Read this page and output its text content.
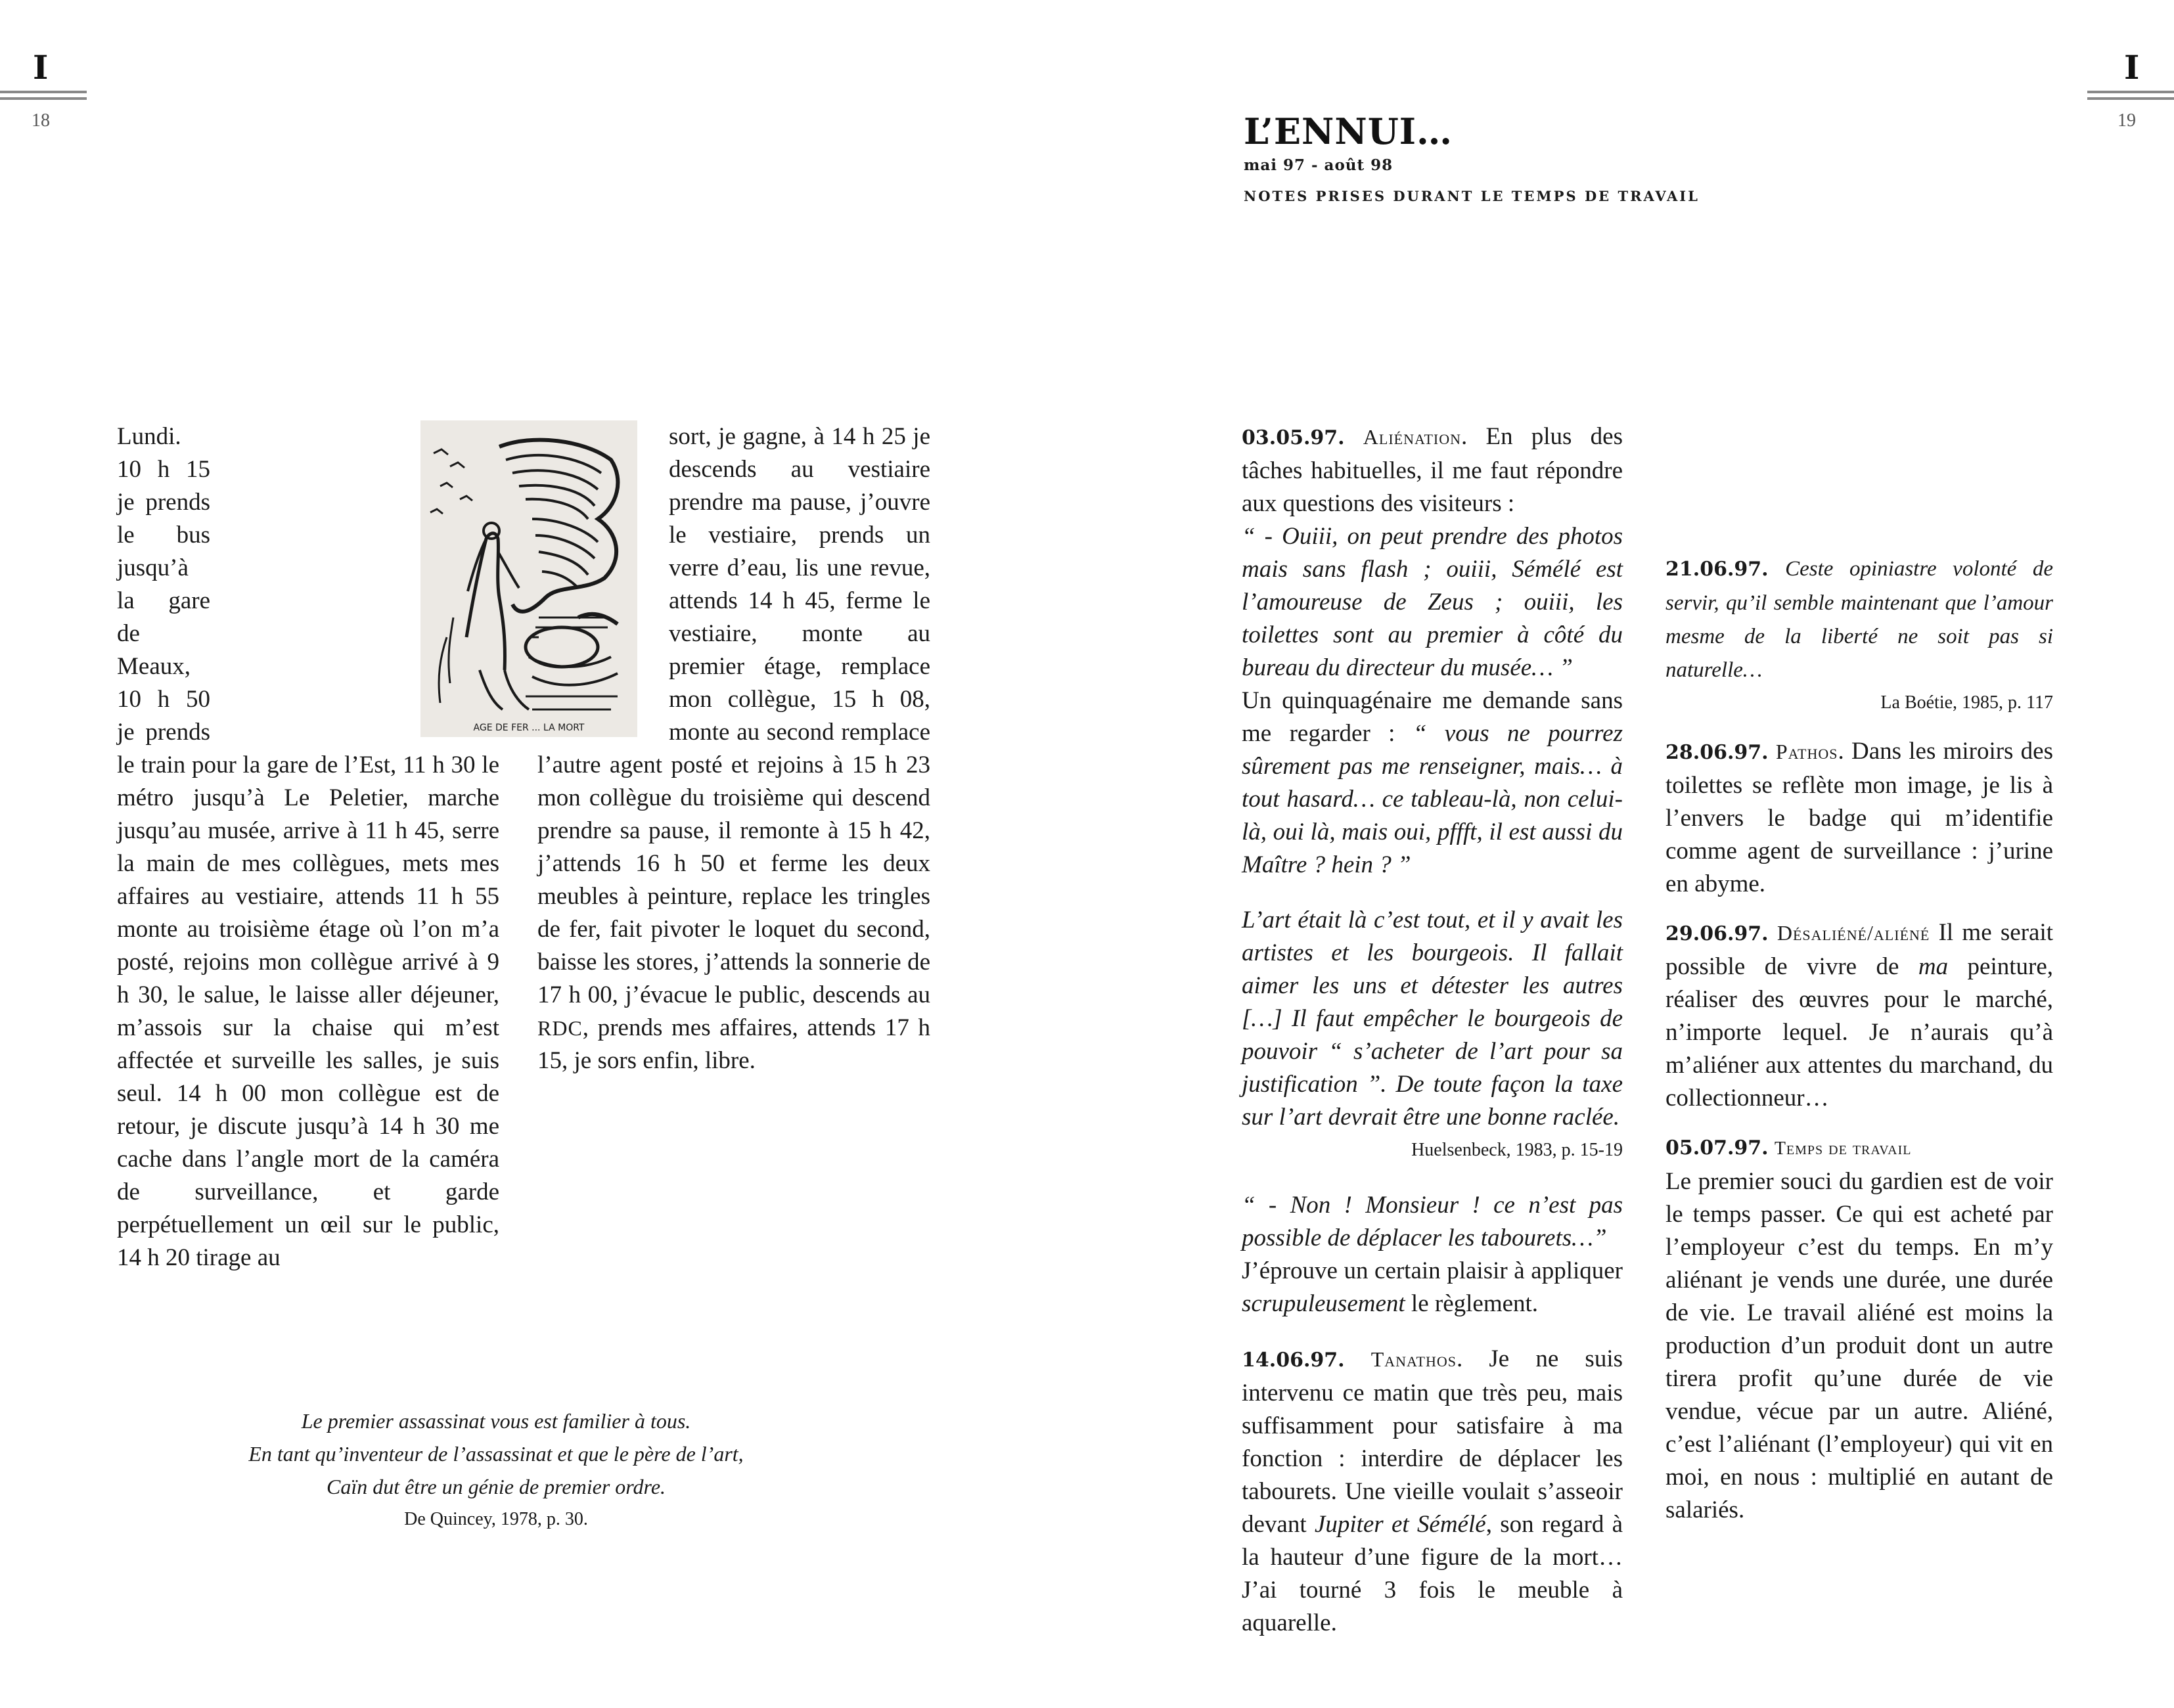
I
18

Lundi. 10 h 15 je prends le bus jusqu’à la gare de Meaux, 10 h 50 je prends le train pour la gare de l’Est, 11 h 30 le métro jusqu’à Le Peletier, marche jusqu’au musée, arrive à 11 h 45, serre la main de mes collègues, mets mes affaires au vestiaire, attends 11 h 55 monte au troisième étage où l’on m’a posté, rejoins mon collègue arrivé à 9 h 30, le salue, le laisse aller déjeuner, m’assois sur la chaise qui m’est affectée et surveille les salles, je suis seul. 14 h 00 mon collègue est de retour, je discute jusqu’à 14 h 30 me cache dans l’angle mort de la caméra de surveillance, et garde perpétuellement un œil sur le public, 14 h 20 tirage au

AGE DE FER ... LA MORT

sort, je gagne, à 14 h 25 je descends au vestiaire prendre ma pause, j’ouvre le vestiaire, prends un verre d’eau, lis une revue, attends 14 h 45, ferme le vestiaire, monte au premier étage, remplace mon collègue, 15 h 08, monte au second remplace l’autre agent posté et rejoins à 15 h 23 mon collègue du troisième qui descend prendre sa pause, il remonte à 15 h 42, j’attends 16 h 50 et ferme les deux meubles à peinture, replace les tringles de fer, fait pivoter le loquet du second, baisse les stores, j’attends la sonnerie de 17 h 00, j’évacue le public, descends au RDC, prends mes affaires, attends 17 h 15, je sors enfin, libre.

Le premier assassinat vous est familier à tous.
En tant qu’inventeur de l’assassinat et que le père de l’art,
Caïn dut être un génie de premier ordre.
De Quincey, 1978, p. 30.
I
19
L’ENNUI…
mai 97 - août 98
NOTES PRISES DURANT LE TEMPS DE TRAVAIL

03.05.97. Aliénation. En plus des tâches habituelles, il me faut répondre aux questions des visiteurs :

“ - Ouiii, on peut prendre des photos mais sans flash ; ouiii, Sémélé est l’amoureuse de Zeus ; ouiii, les toilettes sont au premier à côté du bureau du directeur du musée… ”

Un quinquagénaire me demande sans me regarder : “ vous ne pourrez sûrement pas me renseigner, mais… à tout hasard… ce tableau-là, non celui-là, oui là, mais oui, pffft, il est aussi du Maître ? hein ? ”

L’art était là c’est tout, et il y avait les artistes et les bourgeois. Il fallait aimer les uns et détester les autres […] Il faut empêcher le bourgeois de pouvoir “ s’acheter de l’art pour sa justification ”. De toute façon la taxe sur l’art devrait être une bonne raclée.

Huelsenbeck, 1983, p. 15-19

“ - Non ! Monsieur ! ce n’est pas possible de déplacer les tabourets…”

J’éprouve un certain plaisir à appliquer scrupuleusement le règlement.

14.06.97. Tanathos. Je ne suis intervenu ce matin que très peu, mais suffisamment pour satisfaire à ma fonction : interdire de déplacer les tabourets. Une vieille voulait s’asseoir devant Jupiter et Sémélé, son regard à la hauteur d’une figure de la mort…J’ai tourné 3 fois le meuble à aquarelle.

21.06.97. Ceste opiniastre volonté de servir, qu’il semble maintenant que l’amour mesme de la liberté ne soit pas si naturelle…

La Boétie, 1985, p. 117

28.06.97. Pathos. Dans les miroirs des toilettes se reflète mon image, je lis à l’envers le badge qui m’identifie comme agent de surveillance : j’urine en abyme.

29.06.97. Désaliéné/aliéné Il me serait possible de vivre de ma peinture, réaliser des œuvres pour le marché, n’importe lequel. Je n’aurais qu’à m’aliéner aux attentes du marchand, du collectionneur…

05.07.97. Temps de travail

Le premier souci du gardien est de voir le temps passer. Ce qui est acheté par l’employeur c’est du temps. En m’y aliénant je vends une durée, une durée de vie. Le travail aliéné est moins la production d’un produit dont un autre tirera profit qu’une durée de vie vendue, vécue par un autre. Aliéné, c’est l’aliénant (l’employeur) qui vit en moi, en nous : multiplié en autant de salariés.
